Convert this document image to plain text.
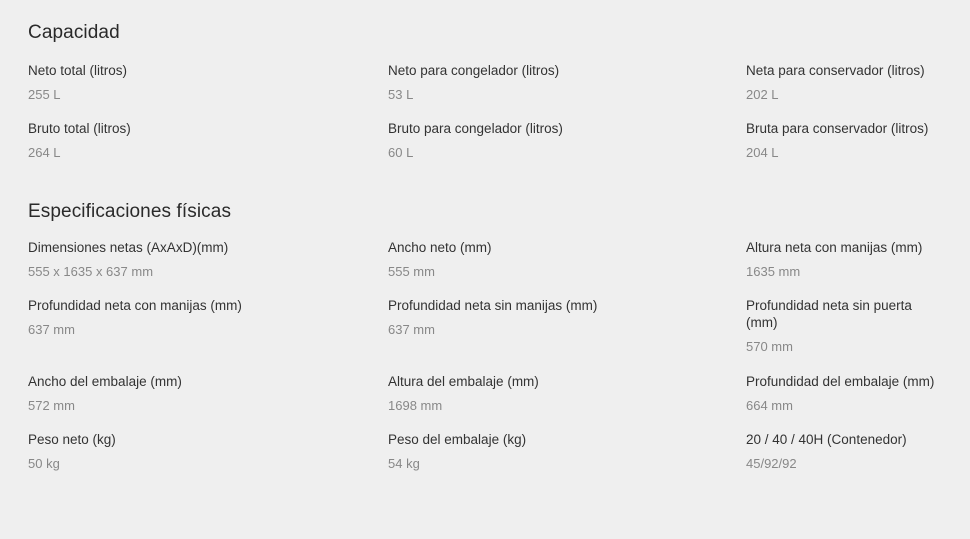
Capacidad
Neto total (litros)
255 L
Neto para congelador (litros)
53 L
Neta para conservador (litros)
202 L
Bruto total (litros)
264 L
Bruto para congelador (litros)
60 L
Bruta para conservador (litros)
204 L
Especificaciones físicas
Dimensiones netas (AxAxD)(mm)
555 x 1635 x 637 mm
Ancho neto (mm)
555 mm
Altura neta con manijas (mm)
1635 mm
Profundidad neta con manijas (mm)
637 mm
Profundidad neta sin manijas (mm)
637 mm
Profundidad neta sin puerta (mm)
570 mm
Ancho del embalaje (mm)
572 mm
Altura del embalaje (mm)
1698 mm
Profundidad del embalaje (mm)
664 mm
Peso neto (kg)
50 kg
Peso del embalaje (kg)
54 kg
20 / 40 / 40H (Contenedor)
45/92/92
